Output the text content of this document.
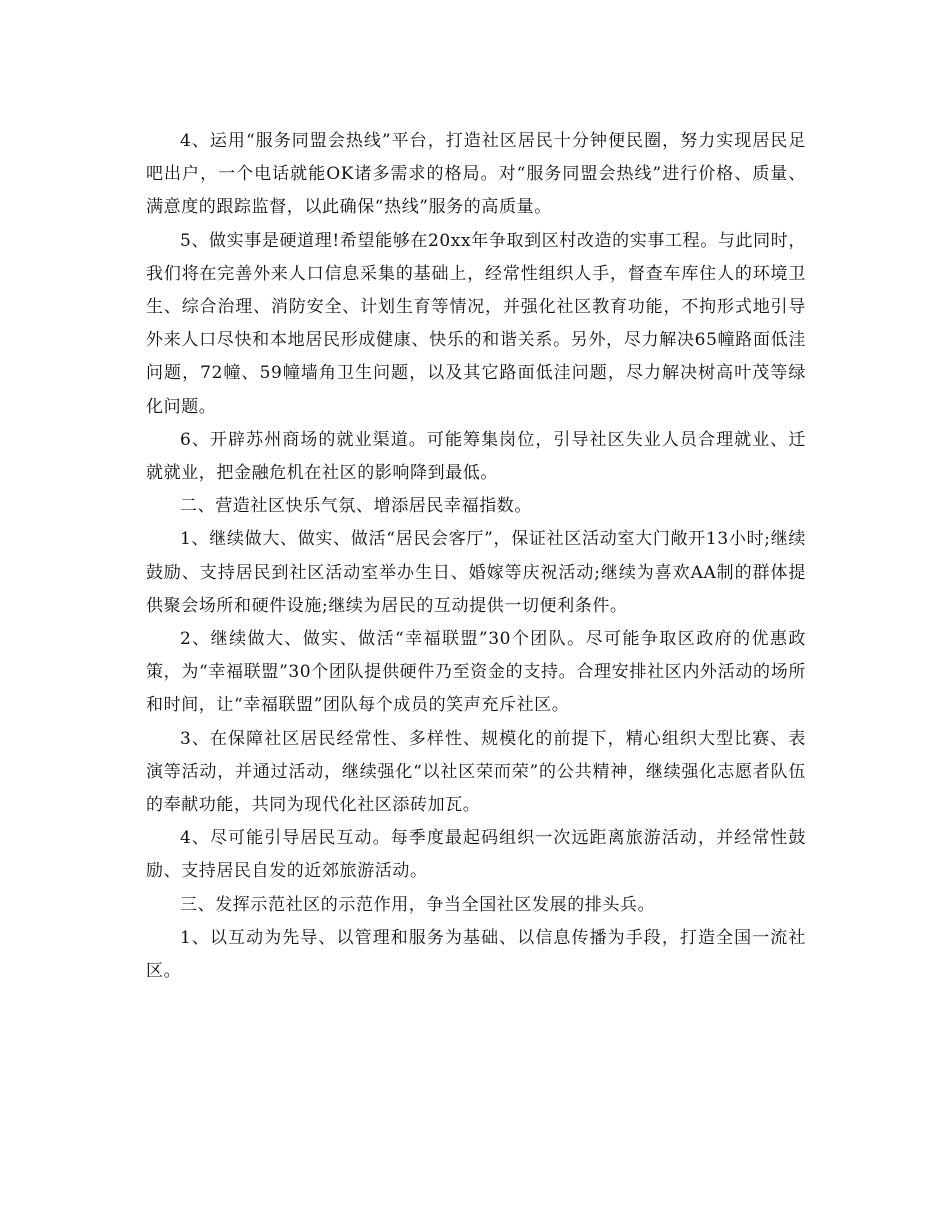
4、运用“服务同盟会热线”平台，打造社区居民十分钟便民圈，努力实现居民足吧出户，一个电话就能OK诸多需求的格局。对“服务同盟会热线”进行价格、质量、满意度的跟踪监督，以此确保“热线”服务的高质量。

5、做实事是硬道理!希望能够在20xx年争取到区村改造的实事工程。与此同时，我们将在完善外来人口信息采集的基础上，经常性组织人手，督查车库住人的环境卫生、综合治理、消防安全、计划生育等情况，并强化社区教育功能，不拘形式地引导外来人口尽快和本地居民形成健康、快乐的和谐关系。另外，尽力解决65幢路面低洼问题，72幢、59幢墙角卫生问题，以及其它路面低洼问题，尽力解决树高叶茂等绿化问题。

6、开辟苏州商场的就业渠道。可能筹集岗位，引导社区失业人员合理就业、迁就就业，把金融危机在社区的影响降到最低。

二、营造社区快乐气氛、增添居民幸福指数。

1、继续做大、做实、做活“居民会客厅”，保证社区活动室大门敞开13小时;继续鼓励、支持居民到社区活动室举办生日、婚嫁等庆祝活动;继续为喜欢AA制的群体提供聚会场所和硬件设施;继续为居民的互动提供一切便利条件。

2、继续做大、做实、做活“幸福联盟”30个团队。尽可能争取区政府的优惠政策，为“幸福联盟”30个团队提供硬件乃至资金的支持。合理安排社区内外活动的场所和时间，让“幸福联盟”团队每个成员的笑声充斥社区。

3、在保障社区居民经常性、多样性、规模化的前提下，精心组织大型比赛、表演等活动，并通过活动，继续强化“以社区荣而荣”的公共精神，继续强化志愿者队伍的奉献功能，共同为现代化社区添砖加瓦。

4、尽可能引导居民互动。每季度最起码组织一次远距离旅游活动，并经常性鼓励、支持居民自发的近郊旅游活动。

三、发挥示范社区的示范作用，争当全国社区发展的排头兵。

1、以互动为先导、以管理和服务为基础、以信息传播为手段，打造全国一流社区。
